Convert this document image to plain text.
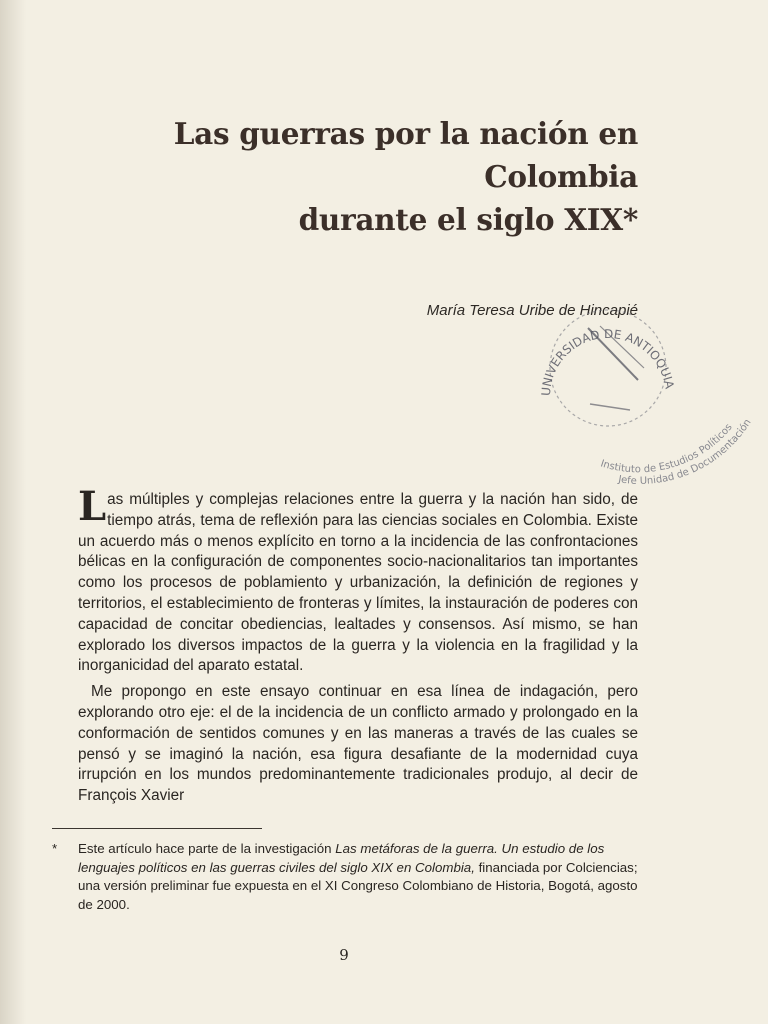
Las guerras por la nación en Colombia
durante el siglo XIX*

María Teresa Uribe de Hincapié

UNIVERSIDAD DE ANTIOQUIA
Instituto de Estudios Políticos
Jefe Unidad de Documentación

Las múltiples y complejas relaciones entre la guerra y la nación han sido, de tiempo atrás, tema de reflexión para las ciencias sociales en Colombia. Existe un acuerdo más o menos explícito en torno a la incidencia de las confrontaciones bélicas en la configuración de componentes socio-nacionalitarios tan importantes como los procesos de poblamiento y urbanización, la definición de regiones y territorios, el establecimiento de fronteras y límites, la instauración de poderes con capacidad de concitar obediencias, lealtades y consensos. Así mismo, se han explorado los diversos impactos de la guerra y la violencia en la fragilidad y la inorganicidad del aparato estatal.

Me propongo en este ensayo continuar en esa línea de indagación, pero explorando otro eje: el de la incidencia de un conflicto armado y prolongado en la conformación de sentidos comunes y en las maneras a través de las cuales se pensó y se imaginó la nación, esa figura desafiante de la modernidad cuya irrupción en los mundos predominantemente tradicionales produjo, al decir de François Xavier

* Este artículo hace parte de la investigación Las metáforas de la guerra. Un estudio de los lenguajes políticos en las guerras civiles del siglo XIX en Colombia, financiada por Colciencias; una versión preliminar fue expuesta en el XI Congreso Colombiano de Historia, Bogotá, agosto de 2000.

9
